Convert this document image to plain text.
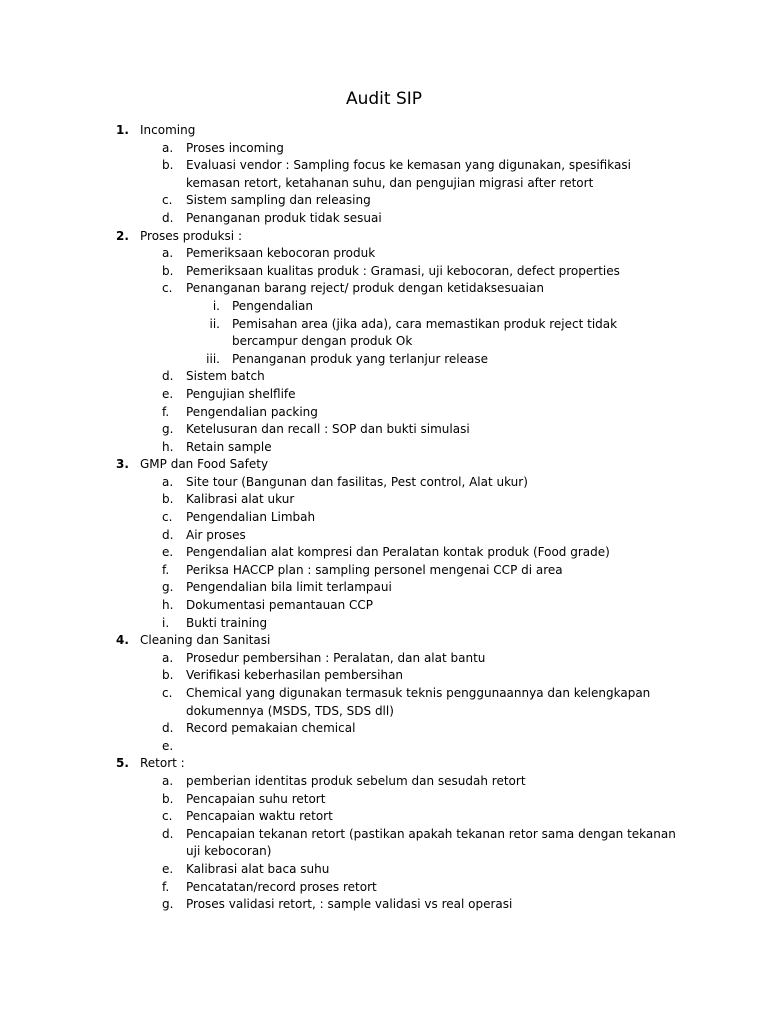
Audit SIP
1. Incoming
a. Proses incoming
b. Evaluasi vendor : Sampling focus ke kemasan yang digunakan, spesifikasi kemasan retort, ketahanan suhu, dan pengujian migrasi after retort
c. Sistem sampling dan releasing
d. Penanganan produk tidak sesuai
2. Proses produksi :
a. Pemeriksaan kebocoran produk
b. Pemeriksaan kualitas produk : Gramasi, uji kebocoran, defect properties
c. Penanganan barang reject/ produk dengan ketidaksesuaian
i. Pengendalian
ii. Pemisahan area (jika ada), cara memastikan produk reject tidak bercampur dengan produk Ok
iii. Penanganan produk yang terlanjur release
d. Sistem batch
e. Pengujian shelflife
f. Pengendalian packing
g. Ketelusuran dan recall : SOP dan bukti simulasi
h. Retain sample
3. GMP dan Food Safety
a. Site tour (Bangunan dan fasilitas, Pest control, Alat ukur)
b. Kalibrasi alat ukur
c. Pengendalian Limbah
d. Air proses
e. Pengendalian alat kompresi dan Peralatan kontak produk (Food grade)
f. Periksa HACCP plan : sampling personel mengenai CCP di area
g. Pengendalian bila limit terlampaui
h. Dokumentasi pemantauan CCP
i. Bukti training
4. Cleaning dan Sanitasi
a. Prosedur pembersihan : Peralatan, dan alat bantu
b. Verifikasi keberhasilan pembersihan
c. Chemical yang digunakan termasuk teknis penggunaannya dan kelengkapan dokumennya (MSDS, TDS, SDS dll)
d. Record pemakaian chemical
e.
5. Retort :
a. pemberian identitas produk sebelum dan sesudah retort
b. Pencapaian suhu retort
c. Pencapaian waktu retort
d. Pencapaian tekanan retort (pastikan apakah tekanan retor sama dengan tekanan uji kebocoran)
e. Kalibrasi alat baca suhu
f. Pencatatan/record proses retort
g. Proses validasi retort, : sample validasi vs real operasi
